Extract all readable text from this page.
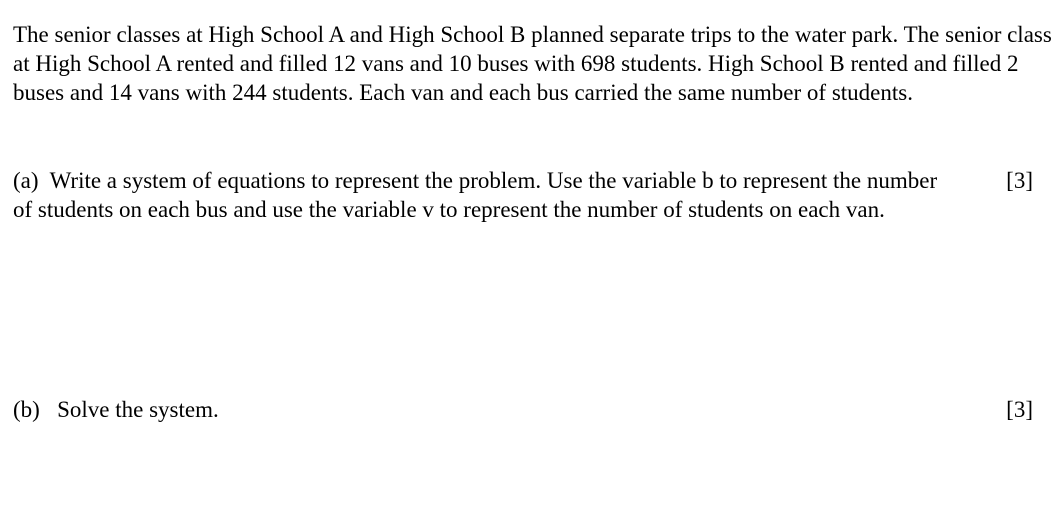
The senior classes at High School A and High School B planned separate trips to the water park. The senior class at High School A rented and filled 12 vans and 10 buses with 698 students. High School B rented and filled 2 buses and 14 vans with 244 students. Each van and each bus carried the same number of students.

(a) Write a system of equations to represent the problem. Use the variable b to represent the number of students on each bus and use the variable v to represent the number of students on each van.

[3]

(b) Solve the system.	[3]
